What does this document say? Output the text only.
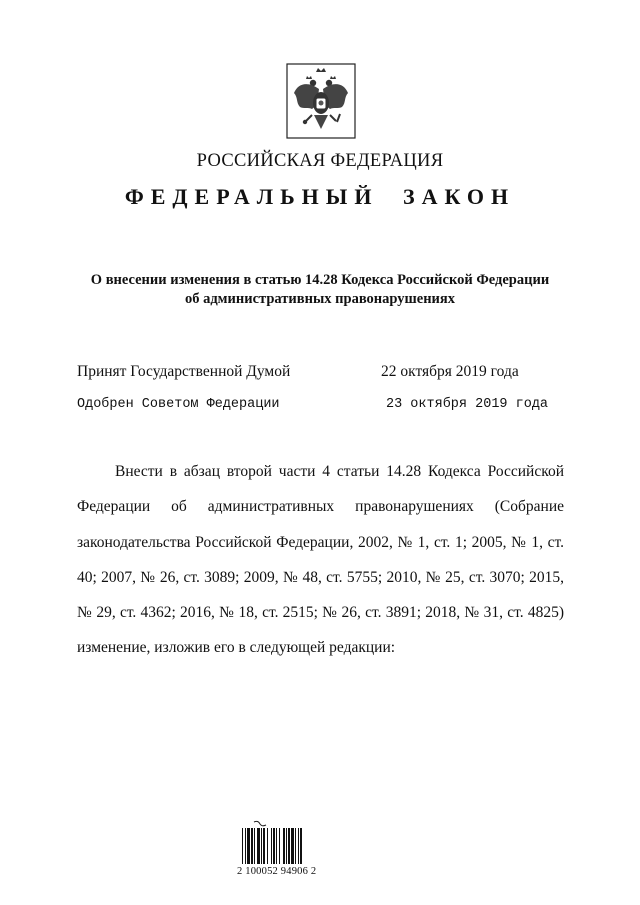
РОССИЙСКАЯ ФЕДЕРАЦИЯ
ФЕДЕРАЛЬНЫЙ ЗАКОН
О внесении изменения в статью 14.28 Кодекса Российской Федерации
об административных правонарушениях
Принят Государственной Думой	22 октября 2019 года
Одобрен Советом Федерации	23 октября 2019 года
Внести в абзац второй части 4 статьи 14.28 Кодекса Российской Федерации об административных правонарушениях (Собрание законодательства Российской Федерации, 2002, № 1, ст. 1; 2005, № 1, ст. 40; 2007, № 26, ст. 3089; 2009, № 48, ст. 5755; 2010, № 25, ст. 3070; 2015, № 29, ст. 4362; 2016, № 18, ст. 2515; № 26, ст. 3891; 2018, № 31, ст. 4825) изменение, изложив его в следующей редакции:
2 100052 94906 2
